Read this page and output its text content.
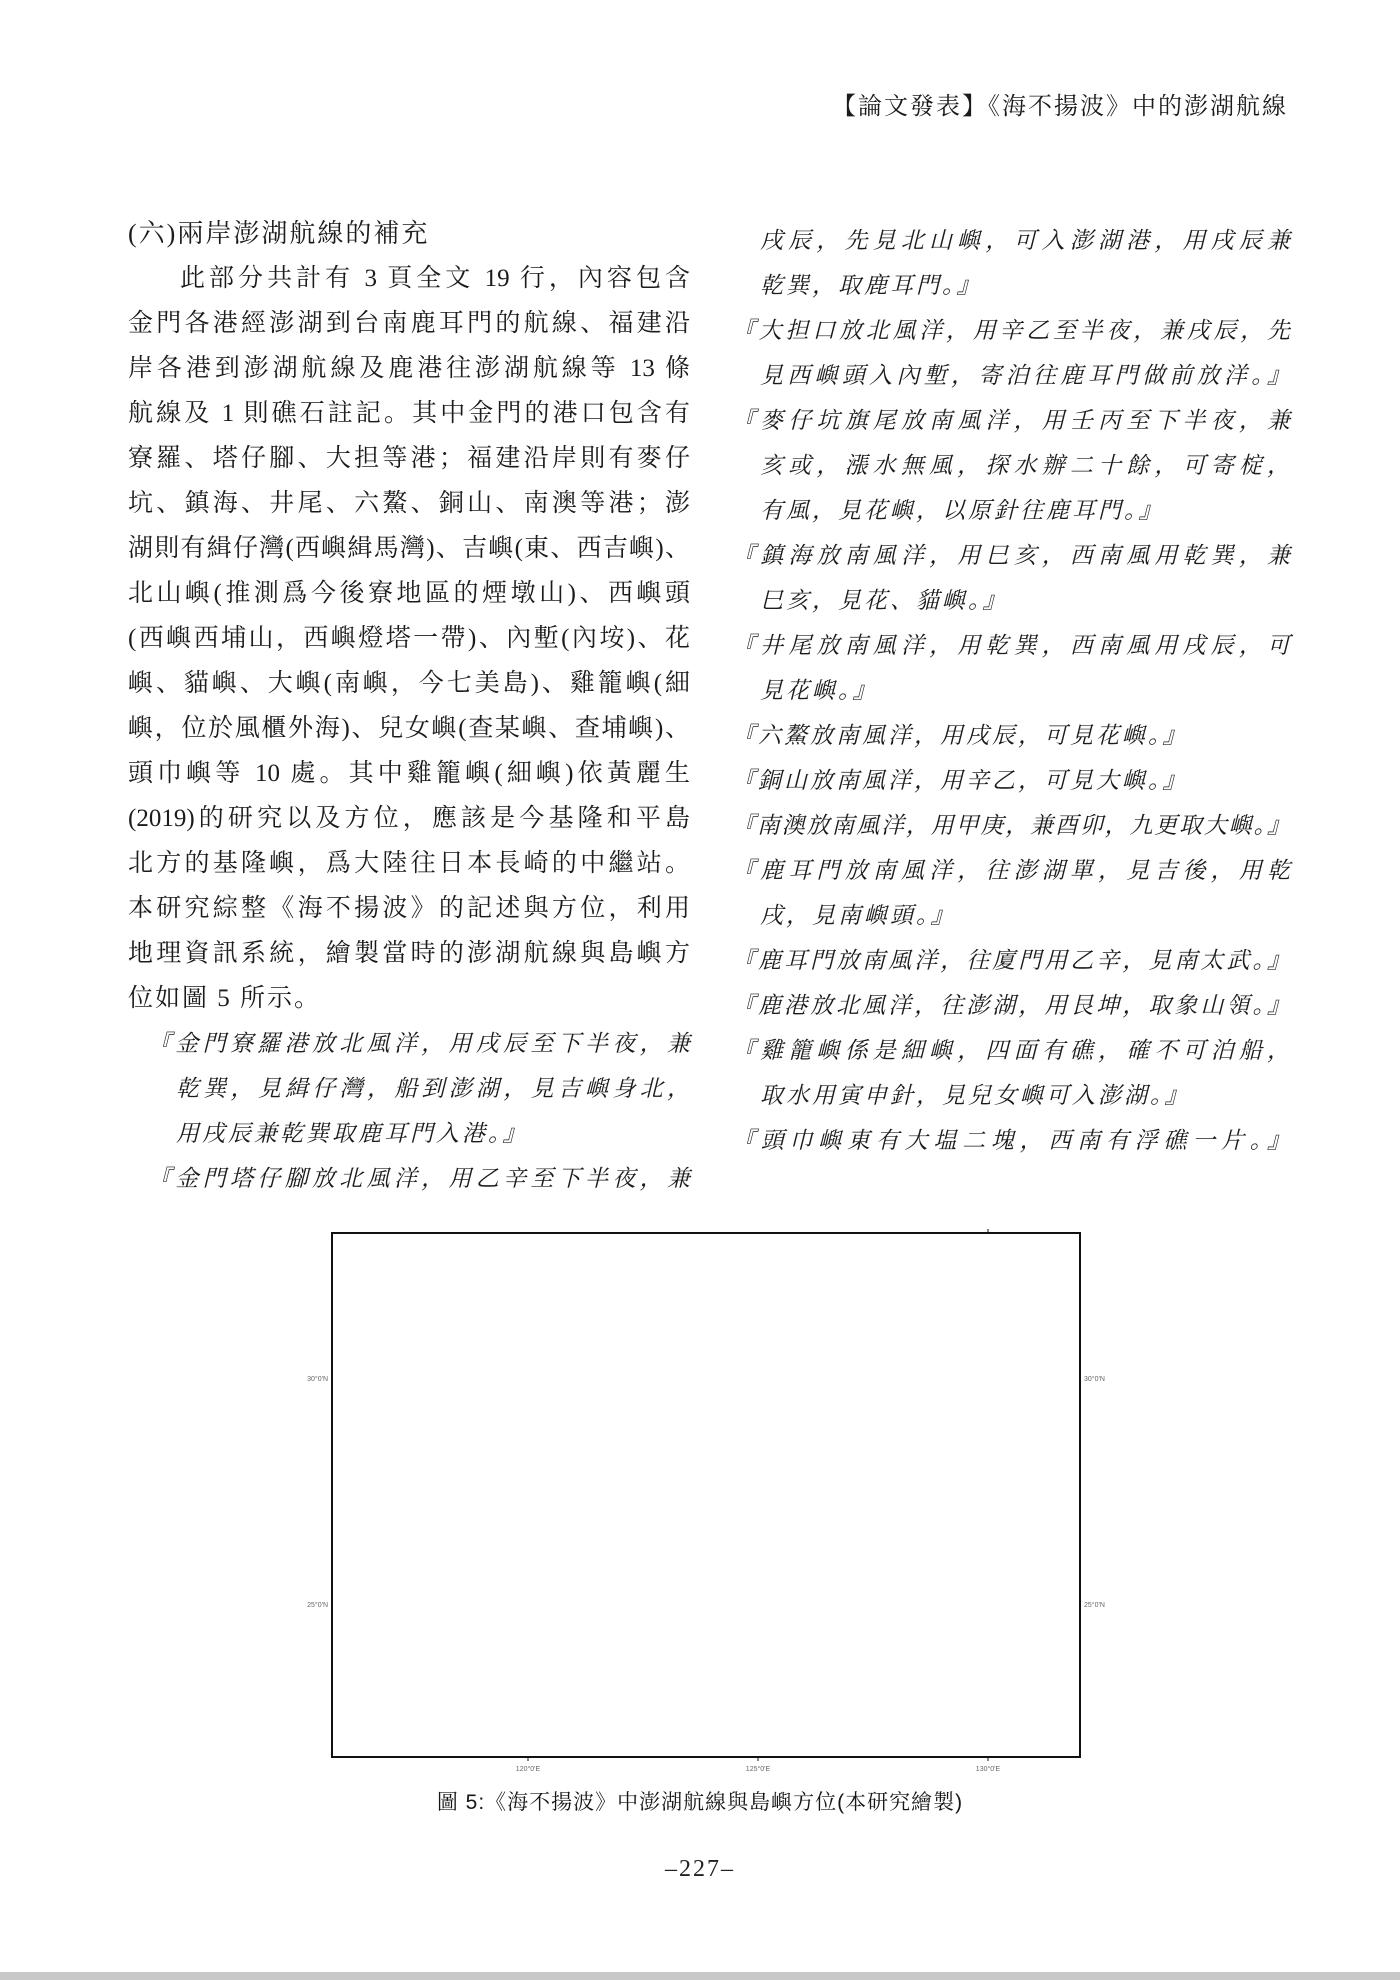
【論文發表】《海不揚波》中的澎湖航線
(六)兩岸澎湖航線的補充
此部分共計有 3 頁全文 19 行，內容包含
金門各港經澎湖到台南鹿耳門的航線、福建沿
岸各港到澎湖航線及鹿港往澎湖航線等 13 條
航線及 1 則礁石註記。其中金門的港口包含有
寮羅、塔仔腳、大担等港；福建沿岸則有麥仔
坑、鎮海、井尾、六鰲、銅山、南澳等港；澎
湖則有緝仔灣(西嶼緝馬灣)、吉嶼(東、西吉嶼)、
北山嶼(推測爲今後寮地區的煙墩山)、西嶼頭
(西嶼西埔山，西嶼燈塔一帶)、內塹(內垵)、花
嶼、貓嶼、大嶼(南嶼，今七美島)、雞籠嶼(細
嶼，位於風櫃外海)、兒女嶼(查某嶼、查埔嶼)、
頭巾嶼等 10 處。其中雞籠嶼(細嶼)依黃麗生
(2019)的研究以及方位，應該是今基隆和平島
北方的基隆嶼，爲大陸往日本長崎的中繼站。
本研究綜整《海不揚波》的記述與方位，利用
地理資訊系統，繪製當時的澎湖航線與島嶼方
位如圖 5 所示。
『金門寮羅港放北風洋，用戌辰至下半夜，兼
乾巽，見緝仔灣，船到澎湖，見吉嶼身北，
用戌辰兼乾巽取鹿耳門入港。』
『金門塔仔腳放北風洋，用乙辛至下半夜，兼
戌辰，先見北山嶼，可入澎湖港，用戌辰兼
乾巽，取鹿耳門。』
『大担口放北風洋，用辛乙至半夜，兼戌辰，先
見西嶼頭入內塹，寄泊往鹿耳門做前放洋。』
『麥仔坑旗尾放南風洋，用壬丙至下半夜，兼
亥或，漲水無風，探水辦二十餘，可寄椗，
有風，見花嶼，以原針往鹿耳門。』
『鎮海放南風洋，用巳亥，西南風用乾巽，兼
巳亥，見花、貓嶼。』
『井尾放南風洋，用乾巽，西南風用戌辰，可
見花嶼。』
『六鰲放南風洋，用戌辰，可見花嶼。』
『銅山放南風洋，用辛乙，可見大嶼。』
『南澳放南風洋，用甲庚，兼酉卯，九更取大嶼。』
『鹿耳門放南風洋，往澎湖單，見吉後，用乾
戌，見南嶼頭。』
『鹿耳門放南風洋，往廈門用乙辛，見南太武。』
『鹿港放北風洋，往澎湖，用艮坤，取象山領。』
『雞籠嶼係是細嶼，四面有礁，確不可泊船，
取水用寅申針，見兒女嶼可入澎湖。』
『頭巾嶼東有大塭二塊，西南有浮礁一片。』
120°0'E	125°0'E	130°0'E
30°0'N
25°0'N
30°0'N
25°0'N
圖 5:《海不揚波》中澎湖航線與島嶼方位(本研究繪製)
–227–
